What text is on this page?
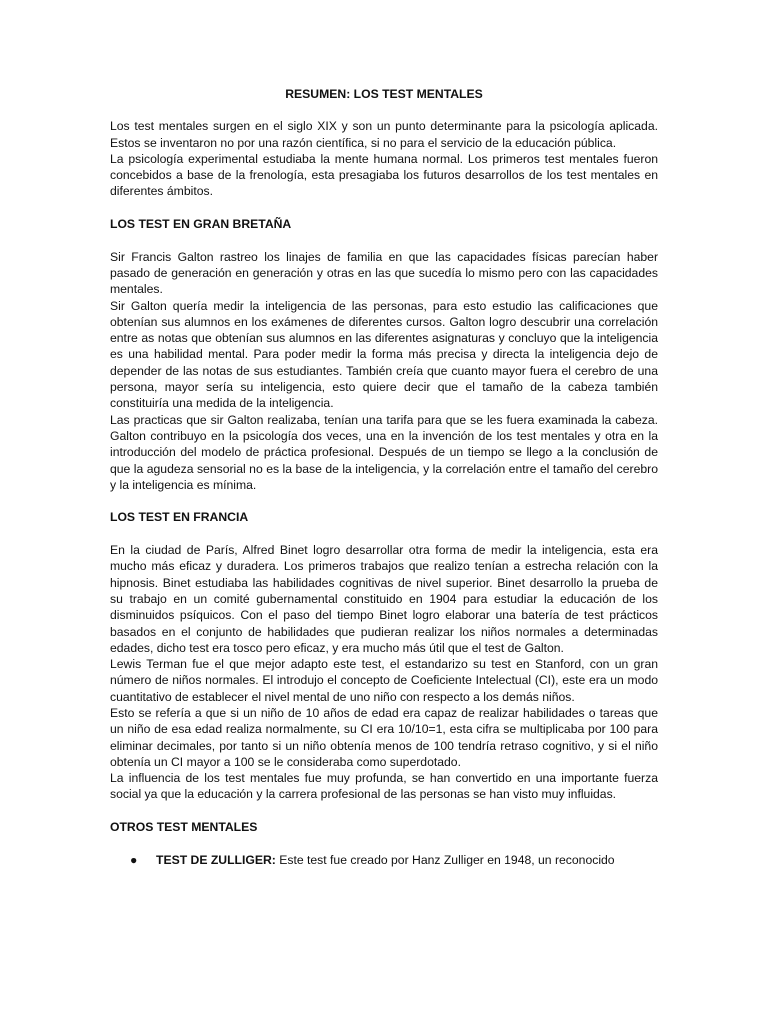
RESUMEN: LOS TEST MENTALES

Los test mentales surgen en el siglo XIX y son un punto determinante para la psicología aplicada. Estos se inventaron no por una razón científica, si no para el servicio de la educación pública.

La psicología experimental estudiaba la mente humana normal. Los primeros test mentales fueron concebidos a base de la frenología, esta presagiaba los futuros desarrollos de los test mentales en diferentes ámbitos.

LOS TEST EN GRAN BRETAÑA

Sir Francis Galton rastreo los linajes de familia en que las capacidades físicas parecían haber pasado de generación en generación y otras en las que sucedía lo mismo pero con las capacidades mentales.

Sir Galton quería medir la inteligencia de las personas, para esto estudio las calificaciones que obtenían sus alumnos en los exámenes de diferentes cursos. Galton logro descubrir una correlación entre as notas que obtenían sus alumnos en las diferentes asignaturas y concluyo que la inteligencia es una habilidad mental. Para poder medir la forma más precisa y directa la inteligencia dejo de depender de las notas de sus estudiantes. También creía que cuanto mayor fuera el cerebro de una persona, mayor sería su inteligencia, esto quiere decir que el tamaño de la cabeza también constituiría una medida de la inteligencia.

Las practicas que sir Galton realizaba, tenían una tarifa para que se les fuera examinada la cabeza. Galton contribuyo en la psicología dos veces, una en la invención de los test mentales y otra en la introducción del modelo de práctica profesional. Después de un tiempo se llego a la conclusión de que la agudeza sensorial no es la base de la inteligencia, y la correlación entre el tamaño del cerebro y la inteligencia es mínima.

LOS TEST EN FRANCIA

En la ciudad de París, Alfred Binet logro desarrollar otra forma de medir la inteligencia, esta era mucho más eficaz y duradera. Los primeros trabajos que realizo tenían a estrecha relación con la hipnosis. Binet estudiaba las habilidades cognitivas de nivel superior. Binet desarrollo la prueba de su trabajo en un comité gubernamental constituido en 1904 para estudiar la educación de los disminuidos psíquicos. Con el paso del tiempo Binet logro elaborar una batería de test prácticos basados en el conjunto de habilidades que pudieran realizar los niños normales a determinadas edades, dicho test era tosco pero eficaz, y era mucho más útil que el test de Galton.

Lewis Terman fue el que mejor adapto este test, el estandarizo su test en Stanford, con un gran número de niños normales. El introdujo el concepto de Coeficiente Intelectual (CI), este era un modo cuantitativo de establecer el nivel mental de uno niño con respecto a los demás niños.

Esto se refería a que si un niño de 10 años de edad era capaz de realizar habilidades o tareas que un niño de esa edad realiza normalmente, su CI era 10/10=1, esta cifra se multiplicaba por 100 para eliminar decimales, por tanto si un niño obtenía menos de 100 tendría retraso cognitivo, y si el niño obtenía un CI mayor a 100 se le consideraba como superdotado.

La influencia de los test mentales fue muy profunda, se han convertido en una importante fuerza social ya que la educación y la carrera profesional de las personas se han visto muy influidas.

OTROS TEST MENTALES

● TEST DE ZULLIGER: Este test fue creado por Hanz Zulliger en 1948, un reconocido
